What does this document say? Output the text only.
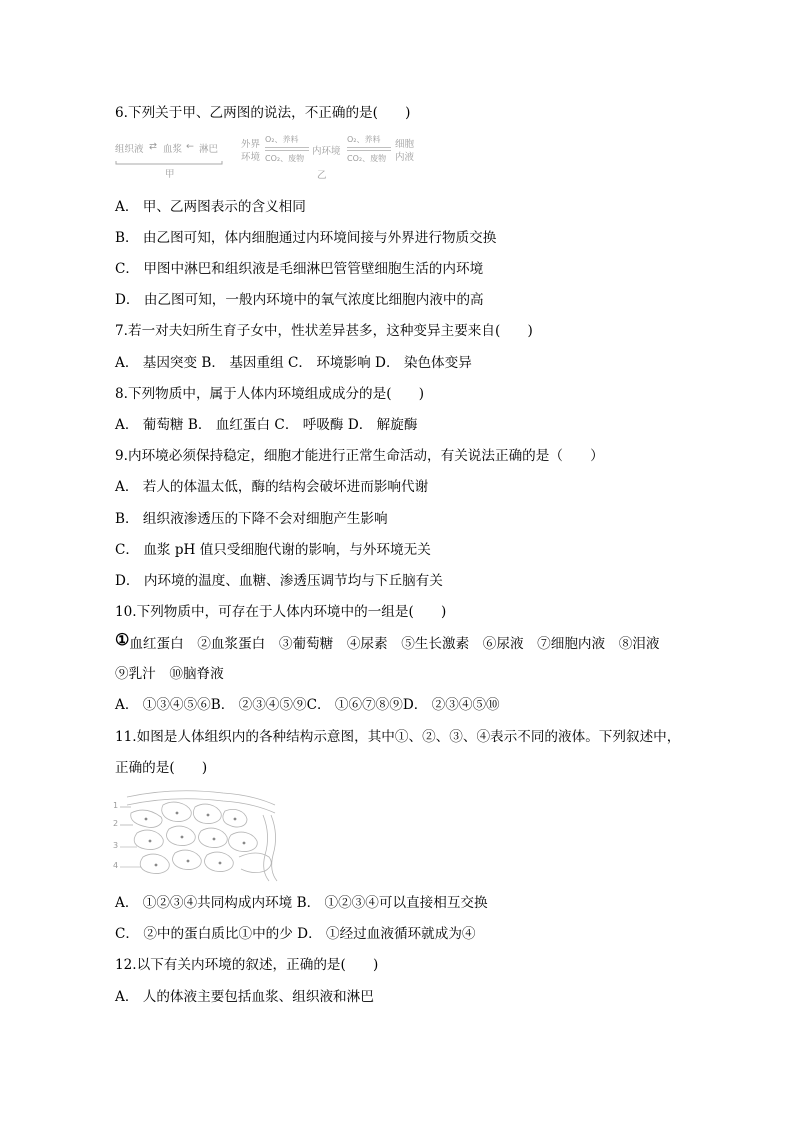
6.下列关于甲、乙两图的说法，不正确的是(　　)
组织液 ⇄ 血浆 ← 淋巴
甲
外界
环境
O₂、养料
CO₂、废物
内环境
O₂、养料
CO₂、废物
细胞
内液
乙
A． 甲、乙两图表示的含义相同
B． 由乙图可知，体内细胞通过内环境间接与外界进行物质交换
C． 甲图中淋巴和组织液是毛细淋巴管管壁细胞生活的内环境
D． 由乙图可知，一般内环境中的氧气浓度比细胞内液中的高
7.若一对夫妇所生育子女中，性状差异甚多，这种变异主要来自(　　)
A． 基因突变 B． 基因重组 C． 环境影响 D． 染色体变异
8.下列物质中，属于人体内环境组成成分的是(　　)
A． 葡萄糖 B． 血红蛋白 C． 呼吸酶 D． 解旋酶
9.内环境必须保持稳定，细胞才能进行正常生命活动，有关说法正确的是（　　）
A． 若人的体温太低，酶的结构会破坏进而影响代谢
B． 组织液渗透压的下降不会对细胞产生影响
C． 血浆 pH 值只受细胞代谢的影响，与外环境无关
D． 内环境的温度、血糖、渗透压调节均与下丘脑有关
10.下列物质中，可存在于人体内环境中的一组是(　　)
①血红蛋白　②血浆蛋白　③葡萄糖　④尿素　⑤生长激素　⑥尿液　⑦细胞内液　⑧泪液
⑨乳汁　⑩脑脊液
A． ①③④⑤⑥B． ②③④⑤⑨C． ①⑥⑦⑧⑨D． ②③④⑤⑩
11.如图是人体组织内的各种结构示意图，其中①、②、③、④表示不同的液体。下列叙述中，
正确的是(　　)
1
2
3
4
A． ①②③④共同构成内环境 B． ①②③④可以直接相互交换
C． ②中的蛋白质比①中的少 D． ①经过血液循环就成为④
12.以下有关内环境的叙述，正确的是(　　)
A． 人的体液主要包括血浆、组织液和淋巴
